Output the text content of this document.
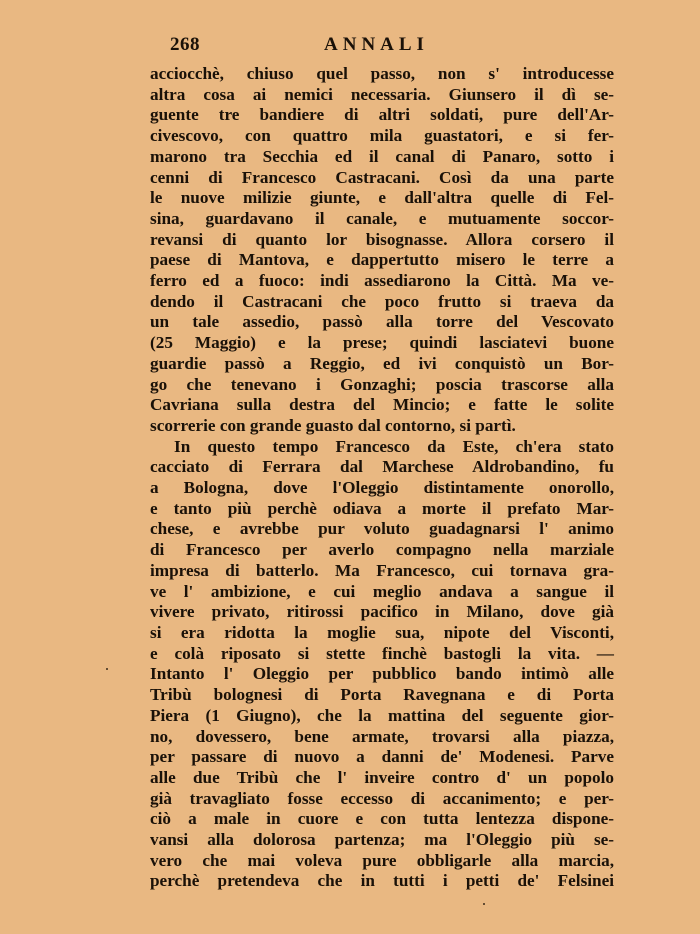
268	ANNALI
acciocchè, chiuso quel passo, non s' introducesse
altra cosa ai nemici necessaria. Giunsero il dì se-
guente tre bandiere di altri soldati, pure dell'Ar-
civescovo, con quattro mila guastatori, e si fer-
marono tra Secchia ed il canal di Panaro, sotto i
cenni di Francesco Castracani. Così da una parte
le nuove milizie giunte, e dall'altra quelle di Fel-
sina, guardavano il canale, e mutuamente soccor-
revansi di quanto lor bisognasse. Allora corsero il
paese di Mantova, e dappertutto misero le terre a
ferro ed a fuoco: indi assediarono la Città. Ma ve-
dendo il Castracani che poco frutto si traeva da
un tale assedio, passò alla torre del Vescovato
(25 Maggio) e la prese; quindi lasciatevi buone
guardie passò a Reggio, ed ivi conquistò un Bor-
go che tenevano i Gonzaghi; poscia trascorse alla
Cavriana sulla destra del Mincio; e fatte le solite
scorrerie con grande guasto dal contorno, si partì.
In questo tempo Francesco da Este, ch'era stato
cacciato di Ferrara dal Marchese Aldrobandino, fu
a Bologna, dove l'Oleggio distintamente onorollo,
e tanto più perchè odiava a morte il prefato Mar-
chese, e avrebbe pur voluto guadagnarsi l' animo
di Francesco per averlo compagno nella marziale
impresa di batterlo. Ma Francesco, cui tornava gra-
ve l' ambizione, e cui meglio andava a sangue il
vivere privato, ritirossi pacifico in Milano, dove già
si era ridotta la moglie sua, nipote del Visconti,
e colà riposato si stette finchè bastogli la vita. —
Intanto l' Oleggio per pubblico bando intimò alle
Tribù bolognesi di Porta Ravegnana e di Porta
Piera (1 Giugno), che la mattina del seguente gior-
no, dovessero, bene armate, trovarsi alla piazza,
per passare di nuovo a danni de' Modenesi. Parve
alle due Tribù che l' inveire contro d' un popolo
già travagliato fosse eccesso di accanimento; e per-
ciò a male in cuore e con tutta lentezza dispone-
vansi alla dolorosa partenza; ma l'Oleggio più se-
vero che mai voleva pure obbligarle alla marcia,
perchè pretendeva che in tutti i petti de' Felsinei
